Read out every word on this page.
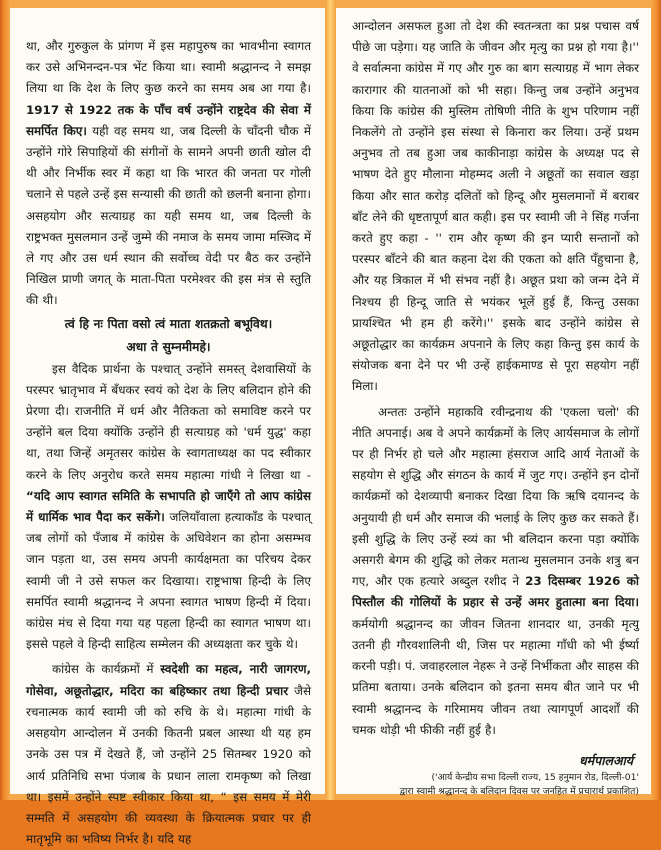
था, और गुरुकुल के प्रांगण में इस महापुरुष का भावभीना स्वागत कर उसे अभिनन्दन-पत्र भेंट किया था। स्वामी श्रद्धानन्द ने समझ लिया था कि देश के लिए कुछ करने का समय अब आ गया है। 1917 से 1922 तक के पाँच वर्ष उन्होंने राष्ट्रदेव की सेवा में समर्पित किए। यही वह समय था, जब दिल्ली के चाँदनी चौक में उन्होंने गोरे सिपाहियों की संगीनों के सामने अपनी छाती खोल दी थी और निर्भीक स्वर में कहा था कि भारत की जनता पर गोली चलाने से पहले उन्हें इस सन्यासी की छाती को छलनी बनाना होगा। असहयोग और सत्याग्रह का यही समय था, जब दिल्ली के राष्ट्रभक्त मुसलमान उन्हें जुम्मे की नमाज के समय जामा मस्जिद में ले गए और उस धर्म स्थान की सर्वोच्च वेदी पर बैठ कर उन्होंने निखिल प्राणी जगत् के माता-पिता परमेश्वर की इस मंत्र से स्तुति की थी।

त्वं हि नः पिता वसो त्वं माता शतक्रतो बभूविथ।

अधा ते सुम्नमीमहे।

इस वैदिक प्रार्थना के पश्चात् उन्होंने समस्त् देशवासियों के परस्पर भ्रातृभाव में बँधकर स्वयं को देश के लिए बलिदान होने की प्रेरणा दी। राजनीति में धर्म और नैतिकता को समाविष्ट करने पर उन्होंने बल दिया क्योंकि उन्होंने ही सत्याग्रह को 'धर्म युद्ध' कहा था, तथा जिन्हें अमृतसर कांग्रेस के स्वागताध्यक्ष का पद स्वीकार करने के लिए अनुरोध करते समय महात्मा गांधी ने लिखा था - “यदि आप स्वागत समिति के सभापति हो जाएँगे तो आप कांग्रेस में धार्मिक भाव पैदा कर सकेंगे। जलियाँवाला हत्याकाँड के पश्चात् जब लोगों को पँजाब में कांग्रेस के अधिवेशन का होना असम्भव जान पड़ता था, उस समय अपनी कार्यक्षमता का परिचय देकर स्वामी जी ने उसे सफल कर दिखाया। राष्ट्रभाषा हिन्दी के लिए समर्पित स्वामी श्रद्धानन्द ने अपना स्वागत भाषण हिन्दी में दिया। कांग्रेस मंच से दिया गया यह पहला हिन्दी का स्वागत भाषण था। इससे पहले वे हिन्दी साहित्य सम्मेलन की अध्यक्षता कर चुके थे।

कांग्रेस के कार्यक्रमों में स्वदेशी का महत्व, नारी जागरण, गोसेवा, अछूतोद्धार, मदिरा का बहिष्कार तथा हिन्दी प्रचार जैसे रचनात्मक कार्य स्वामी जी को रुचि के थे। महात्मा गांधी के असहयोग आन्दोलन में उनकी कितनी प्रबल आस्था थी यह हम उनके उस पत्र में देखते हैं, जो उन्होंने 25 सितम्बर 1920 को आर्य प्रतिनिधि सभा पंजाब के प्रधान लाला रामकृष्ण को लिखा था। इसमें उन्होंने स्पष्ट स्वीकार किया था, “ इस समय में मेरी सम्मति में असहयोग की व्यवस्था के क्रियात्मक प्रचार पर ही मातृभूमि का भविष्य निर्भर है। यदि यह

आन्दोलन असफल हुआ तो देश की स्वतन्त्रता का प्रश्न पचास वर्ष पीछे जा पड़ेगा। यह जाति के जीवन और मृत्यु का प्रश्न हो गया है।'' वे सर्वात्मना कांग्रेस में गए और गुरु का बाग सत्याग्रह में भाग लेकर कारागार की यातनाओं को भी सहा। किन्तु जब उन्होंने अनुभव किया कि कांग्रेस की मुस्लिम तोषिणी नीति के शुभ परिणाम नहीं निकलेंगे तो उन्होंने इस संस्था से किनारा कर लिया। उन्हें प्रथम अनुभव तो तब हुआ जब काकीनाड़ा कांग्रेस के अध्यक्ष पद से भाषण देते हुए मौलाना मोहम्मद अली ने अछूतों का सवाल खड़ा किया और सात करोड़ दलितों को हिन्दू और मुसलमानों में बराबर बाँट लेने की धृष्टतापूर्ण बात कही। इस पर स्वामी जी ने सिंह गर्जना करते हुए कहा - '' राम और कृष्ण की इन प्यारी सन्तानों को परस्पर बाँटने की बात कहना देश की एकता को क्षति पँहुचाना है, और यह त्रिकाल में भी संभव नहीं है। अछूत प्रथा को जन्म देने में निश्चय ही हिन्दू जाति से भयंकर भूलें हुई हैं, किन्तु उसका प्रायश्चित भी हम ही करेंगे।'' इसके बाद उन्होंने कांग्रेस से अछूतोद्धार का कार्यक्रम अपनाने के लिए कहा किन्तु इस कार्य के संयोजक बना देने पर भी उन्हें हाईकमाण्ड से पूरा सहयोग नहीं मिला।

अन्ततः उन्होंने महाकवि रवीन्द्रनाथ की 'एकला चलो' की नीति अपनाई। अब वे अपने कार्यक्रमों के लिए आर्यसमाज के लोगों पर ही निर्भर हो चले और महात्मा हंसराज आदि आर्य नेताओं के सहयोग से शुद्धि और संगठन के कार्य में जुट गए। उन्होंने इन दोनों कार्यक्रमों को देशव्यापी बनाकर दिखा दिया कि ऋषि दयानन्द के अनुयायी ही धर्म और समाज की भलाई के लिए कुछ कर सकते हैं। इसी शुद्धि के लिए उन्हें स्व्यं का भी बलिदान करना पड़ा क्योंकि असगरी बेगम की शुद्धि को लेकर मतान्ध मुसलमान उनके शत्रु बन गए, और एक हत्यारे अब्दुल रशीद ने 23 दिसम्बर 1926 को पिस्तौल की गोलियों के प्रहार से उन्हें अमर हुतात्मा बना दिया। कर्मयोगी श्रद्धानन्द का जीवन जितना शानदार था, उनकी मृत्यु उतनी ही गौरवशालिनी थी, जिस पर महात्मा गाँधी को भी ईर्ष्या करनी पड़ी। पं. जवाहरलाल नेहरू ने उन्हें निर्भीकता और साहस की प्रतिमा बताया। उनके बलिदान को इतना समय बीत जाने पर भी स्वामी श्रद्धानन्द के गरिमामय जीवन तथा त्यागपूर्ण आदर्शों की चमक थोड़ी भी फीकी नहीं हुई है।

धर्मपालआर्य
('आर्य केन्द्रीय सभा दिल्ली राज्य, 15 हनुमान रोड, दिल्ली-01'
द्वारा स्वामी श्रद्धानन्द के बलिदान दिवस पर जनहित में प्रचारार्थ प्रकाशित)
